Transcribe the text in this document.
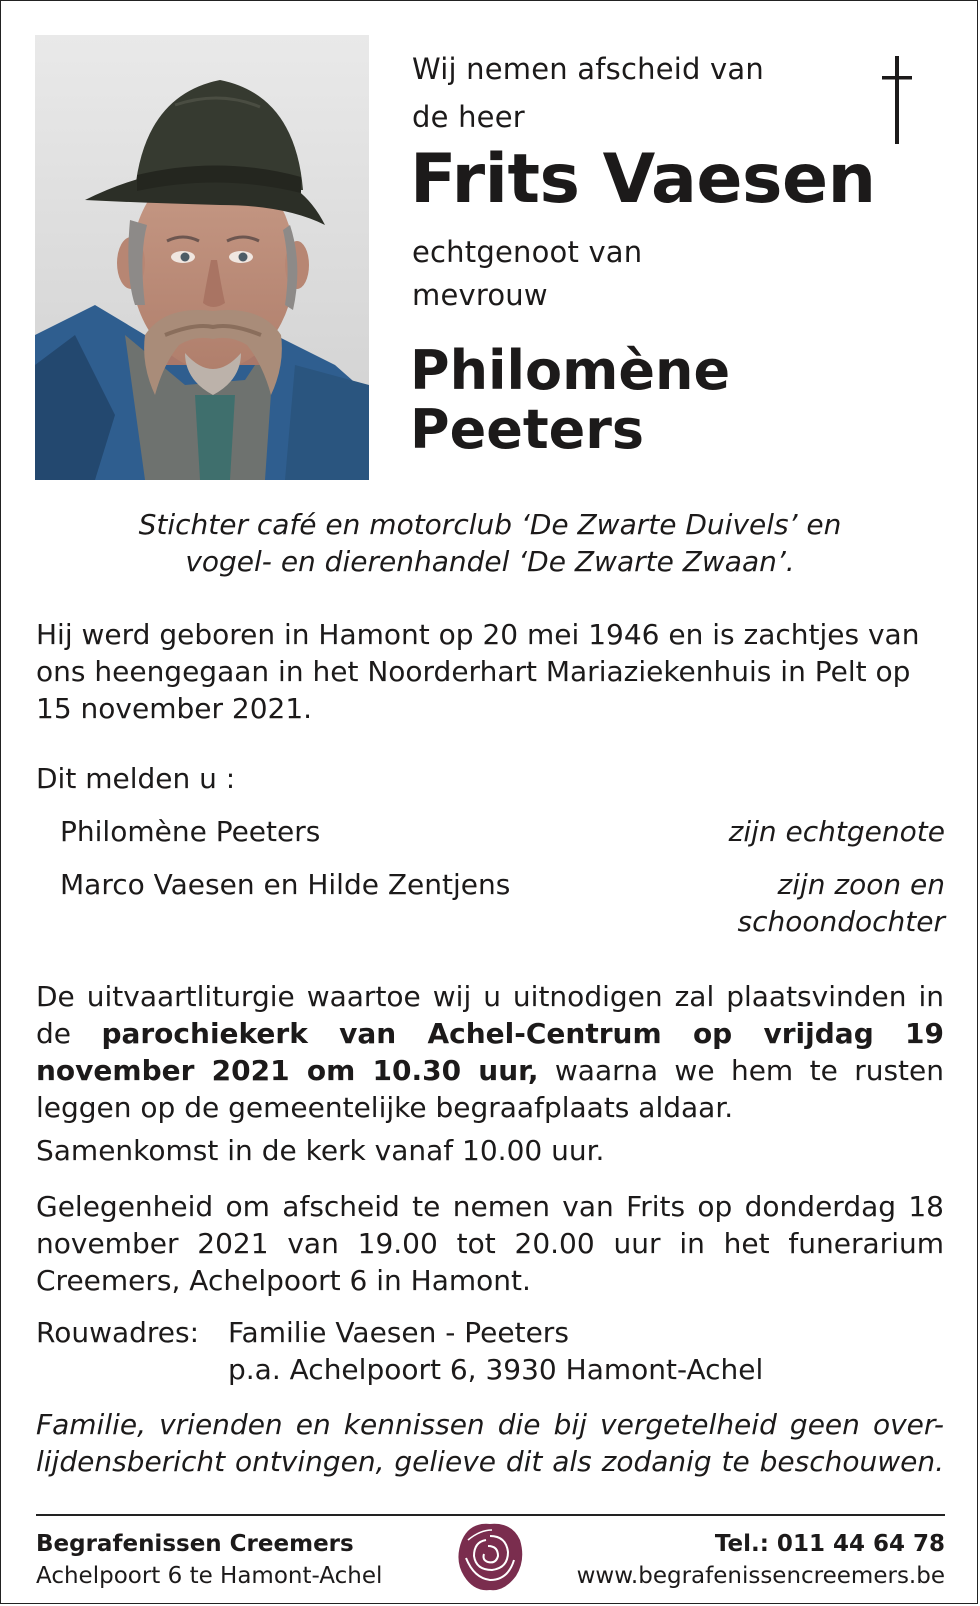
Wij nemen afscheid van
de heer
Frits Vaesen
echtgenoot van
mevrouw
Philomène
Peeters
Stichter café en motorclub ‘De Zwarte Duivels’ en
vogel- en dierenhandel ‘De Zwarte Zwaan’.
Hij werd geboren in Hamont op 20 mei 1946 en is zachtjes van ons heengegaan in het Noorderhart Mariaziekenhuis in Pelt op 15 november 2021.
Dit melden u :
Philomène Peeters	zijn echtgenote
Marco Vaesen en Hilde Zentjens	zijn zoon en
schoondochter
De uitvaartliturgie waartoe wij u uitnodigen zal plaatsvinden in de parochiekerk van Achel-Centrum op vrijdag 19 november 2021 om 10.30 uur, waarna we hem te rusten leggen op de gemeentelijke begraafplaats aldaar.
Samenkomst in de kerk vanaf 10.00 uur.
Gelegenheid om afscheid te nemen van Frits op donderdag 18 november 2021 van 19.00 tot 20.00 uur in het funerarium Creemers, Achelpoort 6 in Hamont.
Rouwadres: Familie Vaesen - Peeters
p.a. Achelpoort 6, 3930 Hamont-Achel
Familie, vrienden en kennissen die bij vergetelheid geen over-
lijdensbericht ontvingen, gelieve dit als zodanig te beschouwen.
Begrafenissen Creemers
Achelpoort 6 te Hamont-Achel
Tel.: 011 44 64 78
www.begrafenissencreemers.be
